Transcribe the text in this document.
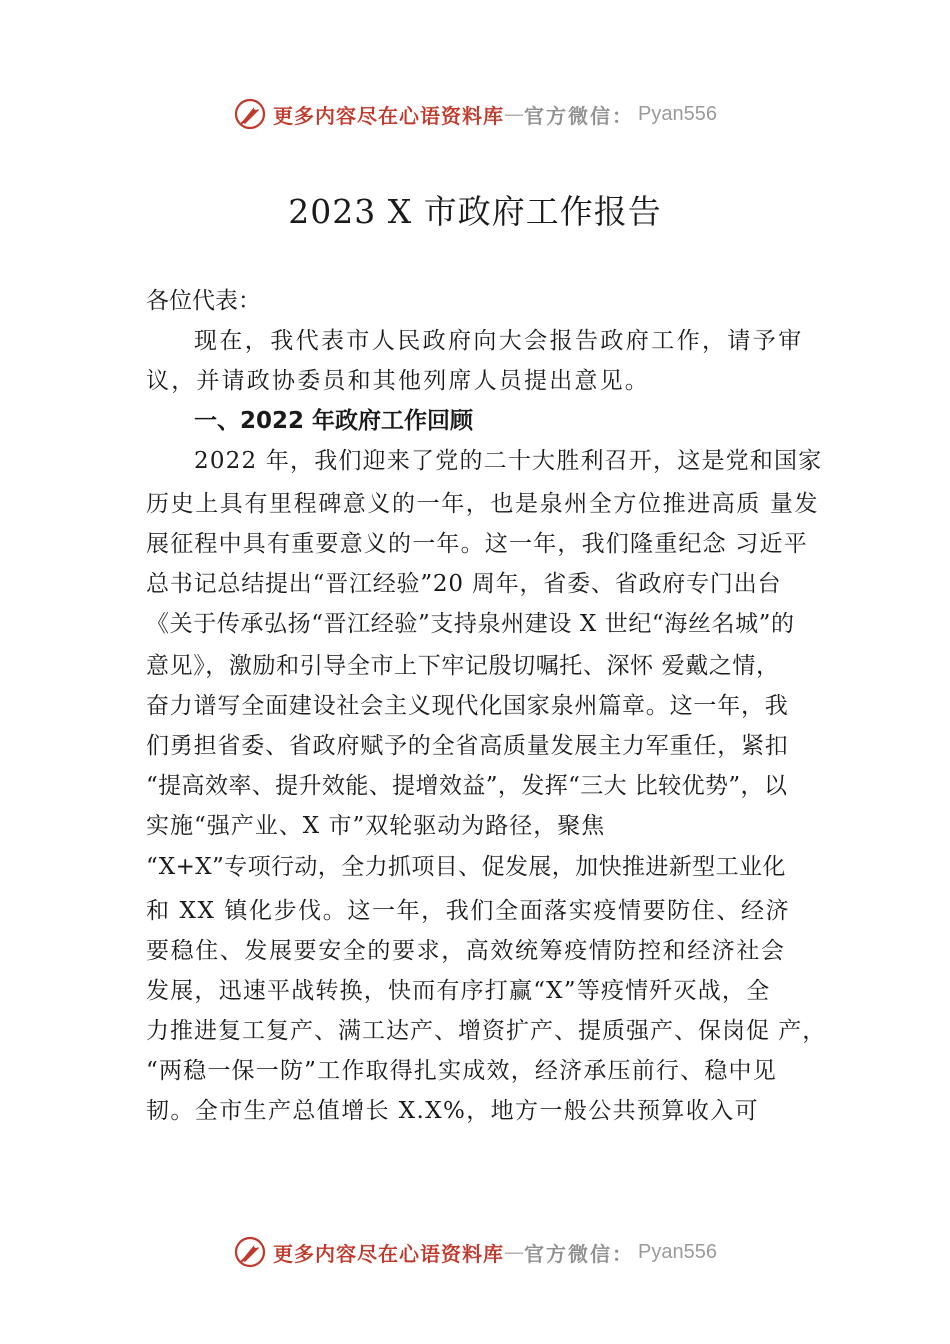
更多内容尽在心语资料库 — 官方微信： Pyan556
2023 X 市政府工作报告
各位代表：
现在，我代表市人民政府向大会报告政府工作，请予审
议，并请政协委员和其他列席人员提出意见。
一、2022 年政府工作回顾
2022 年，我们迎来了党的二十大胜利召开，这是党和国家
历史上具有里程碑意义的一年，也是泉州全方位推进高质 量发
展征程中具有重要意义的一年。这一年，我们隆重纪念 习近平
总书记总结提出“晋江经验”20 周年，省委、省政府专门出台
《关于传承弘扬“晋江经验”支持泉州建设 X 世纪“海丝名城”的
意见》，激励和引导全市上下牢记殷切嘱托、深怀 爱戴之情，
奋力谱写全面建设社会主义现代化国家泉州篇章。这一年，我
们勇担省委、省政府赋予的全省高质量发展主力军重任，紧扣
“提高效率、提升效能、提增效益”，发挥“三大 比较优势”，以
实施“强产业、X 市”双轮驱动为路径，聚焦
“X+X”专项行动，全力抓项目、促发展，加快推进新型工业化
和 XX 镇化步伐。这一年，我们全面落实疫情要防住、经济
要稳住、发展要安全的要求，高效统筹疫情防控和经济社会
发展，迅速平战转换，快而有序打赢“X”等疫情歼灭战，全
力推进复工复产、满工达产、增资扩产、提质强产、保岗促 产，
“两稳一保一防”工作取得扎实成效，经济承压前行、稳中见
韧。全市生产总值增长 X.X%，地方一般公共预算收入可
更多内容尽在心语资料库 — 官方微信： Pyan556
